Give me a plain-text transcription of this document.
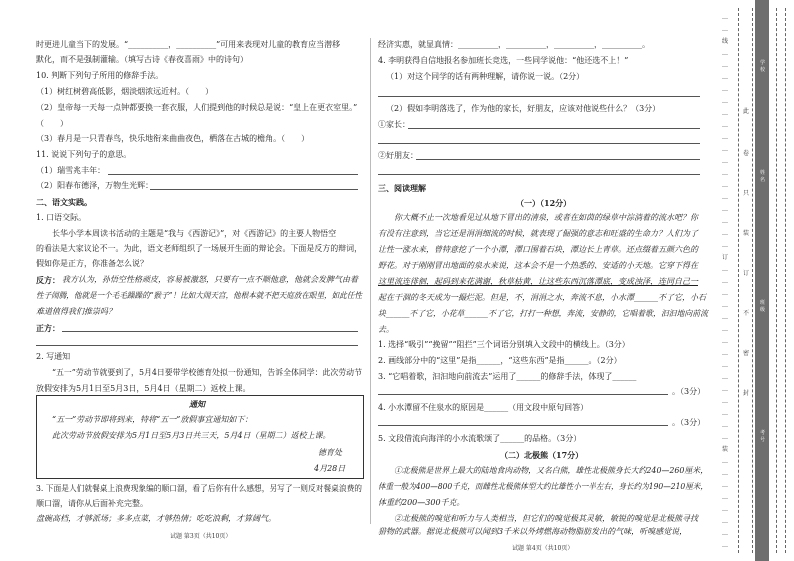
时更进儿童当下的发展。“__________，__________”可用来表现对儿童的教育应当潜移
默化，而不是强制灌输。（填写古诗《春夜喜雨》中的诗句）
10. 判断下列句子所用的修辞手法。
（1）树红树碧高低影，烟淡烟浓远近村。（　　）
（2）皇帝每一天每一点钟都要换一套衣服，人们提到他的时候总是说：“皇上在更衣室里。”
（　　）
（3）春月是一只青春鸟，快乐地衔来曲曲夜色，栖落在古城的檐角。（　　）
11. 说说下列句子的意思。
（1）瑞雪兆丰年：
（2）阳春布德泽，万物生光辉：
二、语文实践。
1. 口语交际。
长华小学本周读书活动的主题是“我与《西游记》”，对《西游记》的主要人物悟空
的看法是大家议论不一。为此，语文老师组织了一场展开生面的辩论会。下面是反方的辩词，
假如你是正方，你准备怎么说？
反方： 我方认为，孙悟空性格顽皮，容易被激怒，只要有一点不顺他意，他就会发脾气由着
性子闹腾，他就是一个毛毛躁躁的“猴子”！比如大闹天宫，他根本就不把天庭放在眼里，如此任性
难道值得我们推崇吗？
正方：
2. 写通知
“五一”劳动节就要到了，5月4日要带学校德育处拟一份通知，告诉全体同学：此次劳动节
放假安排为5月1日至5月3日，5月4日（星期二）返校上课。
通知
“五一”劳动节即将到来，特将“五一”放假事宜通知如下：
此次劳动节放假安排为5月1日至5月3日共三天，5月4日（星期二）返校上课。
德育处
4月28日
3. 下面是人们就餐桌上浪费现象编的顺口溜，看了后你有什么感想，另写了一则反对餐桌浪费的
顺口溜，请你从后面补充完整。
盘碗高档，才够派场；多多点菜，才够热情；吃吃浪剩，才算阔气。
试题 第3页（共10页）
经济实惠，就显真情：__________，__________，__________，__________。
4. 李明获得自信地报名参加班长竞选，一些同学说他：“他还选不上！”
（1）对这个同学的话有两种理解，请你说一说。（2分）
（2）假如李明落选了，作为他的家长，好朋友，应该对他说些什么？（3分）
①家长：
②好朋友：
三、阅读理解
（一）（12分）
你大概不止一次地看见过从地下冒出的清泉，或者在如茵的绿草中淙淌着的流水吧？你
有没有注意到，当它还是涓涓细流的时候，就表现了倔强的意志和旺盛的生命力？人们为了
让性一涨水来，曾特意挖了一个小潭，潭口围着石块，潭边长上青草。还点缀着五颜六色的
野花。对于刚刚冒出地面的泉水来说，这本会不是一个热悉的、安适的小天地。它穿下得在
这里流连徘徊，起码到来花满谢，秋草枯黄，让这些东西沉落潭底，变成浊泽，连同自己一
起在干涸的冬天成为一撮烂泥。但是，不，涓涓之水，奔流不息，小水潭______不了它，小石
块______不了它，小花草______不了它，打打一种想，奔流，安静的，它唱着歌，汩汩地向前流
去。
1. 选择“吸引”“挽留”“阻拦”三个词语分别填入文段中的横线上。（3分）
2. 画线部分中的“这里”是指______，“这些东西”是指______。（2分）
3. “它唱着歌，汩汩地向前流去”运用了______的修辞手法，体现了______
。（3分）
4. 小水潭留不住泉水的原因是______（用文段中原句回答）
。（3分）
5. 文段借流向海洋的小水流歌颂了______的品格。（3分）
（二）北极熊（17分）
①北极熊是世界上最大的陆地食肉动物，又名白熊，雄性北极熊身长大约240—260厘米，
体重一般为400—800千克，而雌性北极熊体型大约比雄性小一半左右，身长约为190—210厘米，
体重约200—300千克。
②北极熊的嗅觉和听力与人类相当，但它们的嗅觉极其灵敏，敏锐的嗅觉是北极熊寻找
猎物的武器。据说北极熊可以闻到3千米以外烤燃海动物脂肪发出的气味，听嗅感觉说，
试题 第4页（共10页）
此
卷
只
装
订
不
密
封
…
…
线
…
…
…
…
…
…
…
…
…
…
…
…
…
…
…
…
…
订
…
…
…
…
…
…
…
…
…
…
…
…
…
…
…
装
…
…
…
…
…
…
…
…
学校
姓名
班级
考号
